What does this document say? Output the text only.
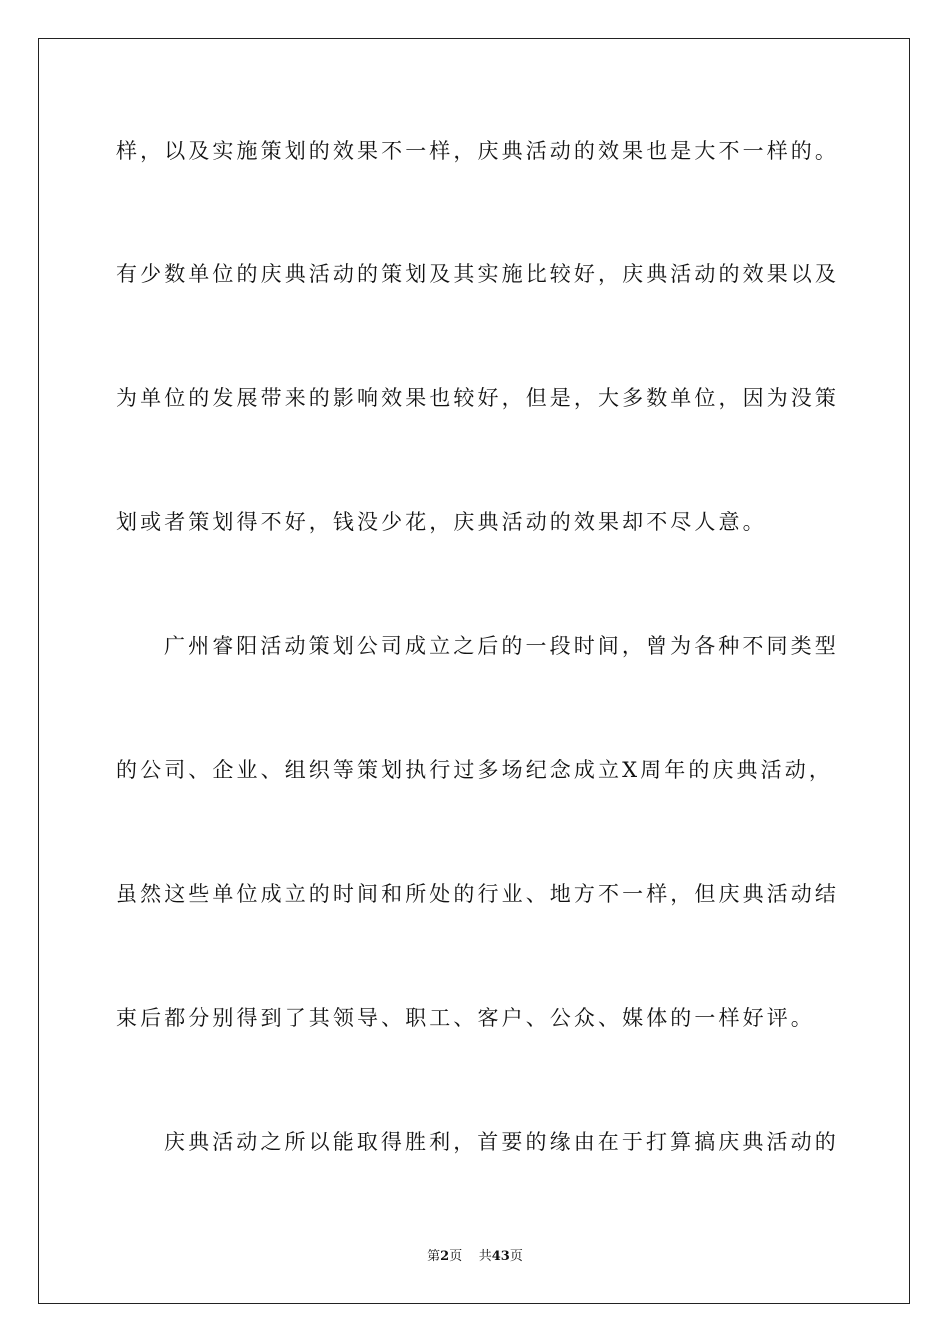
样，以及实施策划的效果不一样，庆典活动的效果也是大不一样的。
有少数单位的庆典活动的策划及其实施比较好，庆典活动的效果以及
为单位的发展带来的影响效果也较好，但是，大多数单位，因为没策
划或者策划得不好，钱没少花，庆典活动的效果却不尽人意。
广州睿阳活动策划公司成立之后的一段时间，曾为各种不同类型
的公司、企业、组织等策划执行过多场纪念成立X周年的庆典活动，
虽然这些单位成立的时间和所处的行业、地方不一样，但庆典活动结
束后都分别得到了其领导、职工、客户、公众、媒体的一样好评。
庆典活动之所以能取得胜利，首要的缘由在于打算搞庆典活动的
第2页 共43页
